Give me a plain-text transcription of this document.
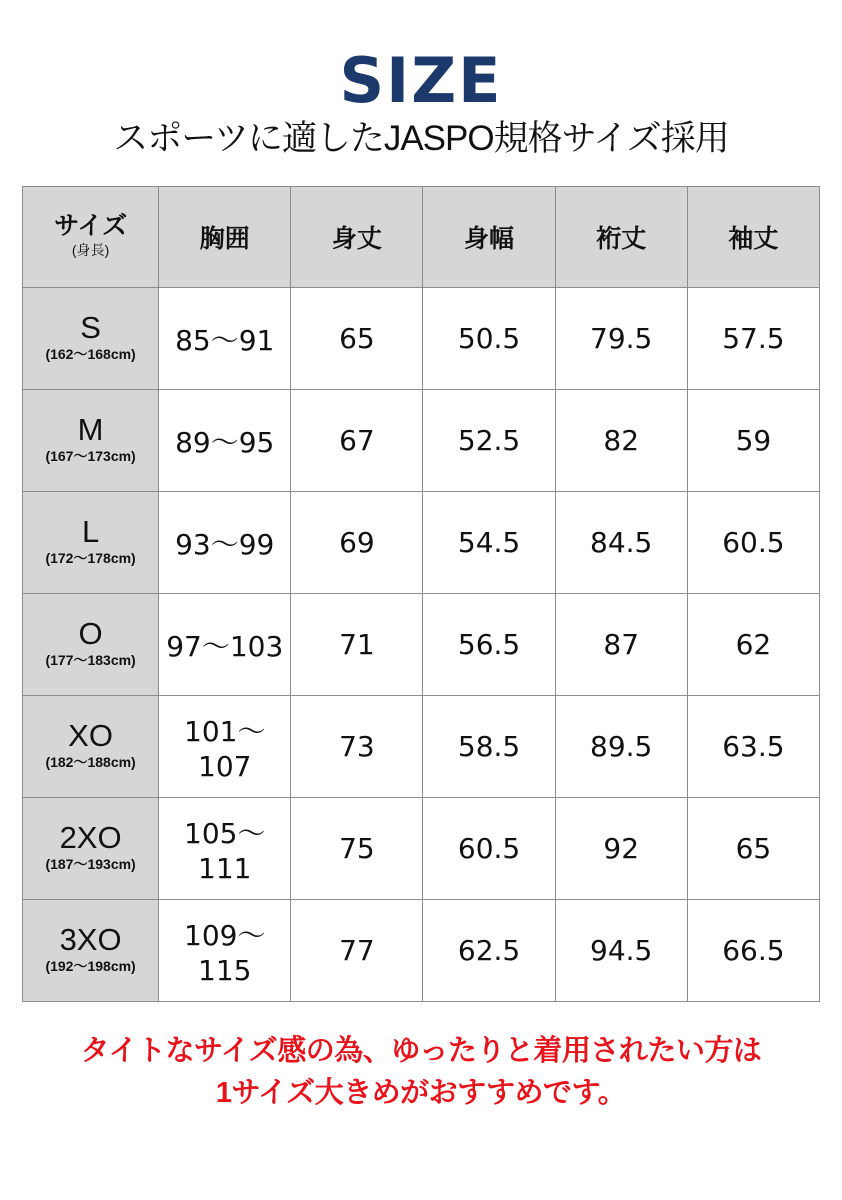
SIZE
スポーツに適したJASPO規格サイズ採用
サイズ
(身長)	胸囲	身丈	身幅	裄丈	袖丈

S
(162〜168cm)	85〜91	65	50.5	79.5	57.5

M
(167〜173cm)	89〜95	67	52.5	82	59

L
(172〜178cm)	93〜99	69	54.5	84.5	60.5

O
(177〜183cm)	97〜103	71	56.5	87	62

XO
(182〜188cm)	101〜107	73	58.5	89.5	63.5

2XO
(187〜193cm)	105〜111	75	60.5	92	65

3XO
(192〜198cm)	109〜115	77	62.5	94.5	66.5
タイトなサイズ感の為、ゆったりと着用されたい方は
1サイズ大きめがおすすめです。
